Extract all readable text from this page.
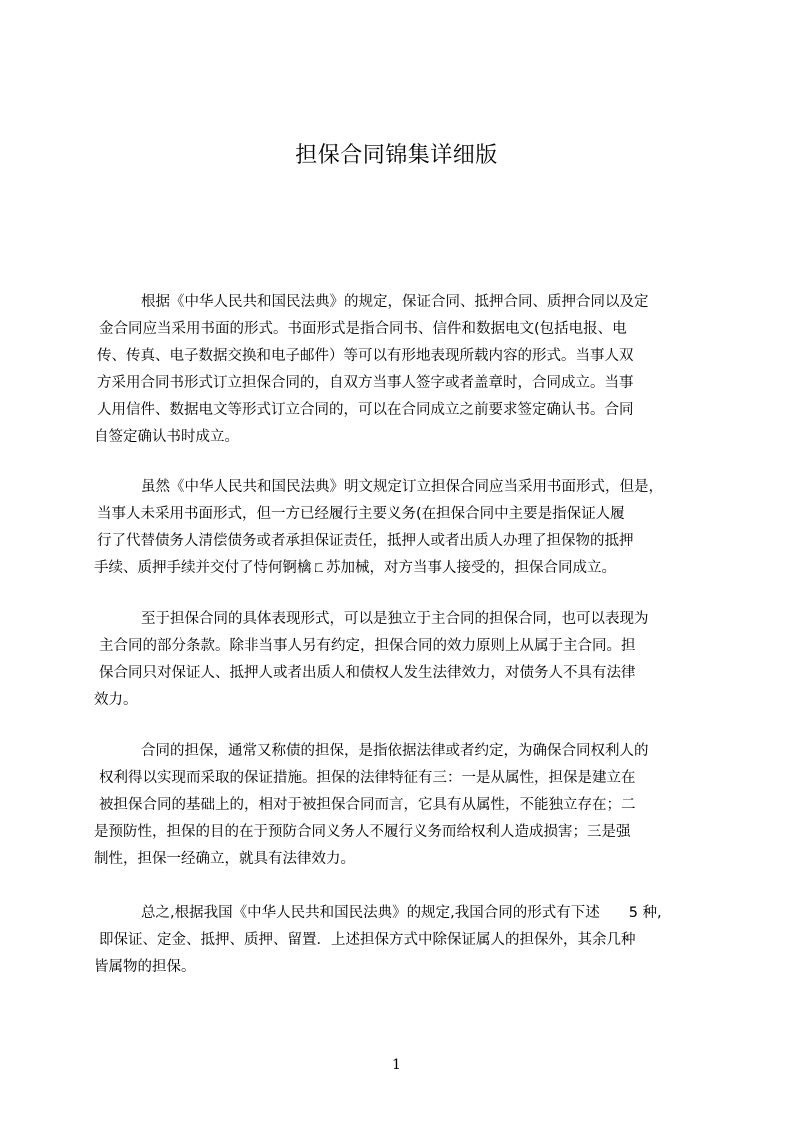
担保合同锦集详细版
根据《中华人民共和国民法典》的规定，保证合同、抵押合同、质押合同以及定
金合同应当采用书面的形式。书面形式是指合同书、信件和数据电文(包括电报、电
传、传真、电子数据交换和电子邮件）等可以有形地表现所载内容的形式。当事人双
方采用合同书形式订立担保合同的，自双方当事人签字或者盖章时，合同成立。当事
人用信件、数据电文等形式订立合同的，可以在合同成立之前要求签定确认书。合同
自签定确认书时成立。
虽然《中华人民共和国民法典》明文规定订立担保合同应当采用书面形式，但是，
当事人未采用书面形式，但一方已经履行主要义务(在担保合同中主要是指保证人履
行了代替债务人清偿债务或者承担保证责任，抵押人或者出质人办理了担保物的抵押
手续、质押手续并交付了恃何锕檎ㄈ苏加械，对方当事人接受的，担保合同成立。
至于担保合同的具体表现形式，可以是独立于主合同的担保合同，也可以表现为
主合同的部分条款。除非当事人另有约定，担保合同的效力原则上从属于主合同。担
保合同只对保证人、抵押人或者出质人和债权人发生法律效力，对债务人不具有法律
效力。
合同的担保，通常又称债的担保，是指依据法律或者约定，为确保合同权利人的
权利得以实现而采取的保证措施。担保的法律特征有三：一是从属性，担保是建立在
被担保合同的基础上的，相对于被担保合同而言，它具有从属性，不能独立存在；二
是预防性，担保的目的在于预防合同义务人不履行义务而给权利人造成损害；三是强
制性，担保一经确立，就具有法律效力。
总之,根据我国《中华人民共和国民法典》的规定,我国合同的形式有下述　　5 种,
即保证、定金、抵押、质押、留置．上述担保方式中除保证属人的担保外，其余几种
皆属物的担保。
1
